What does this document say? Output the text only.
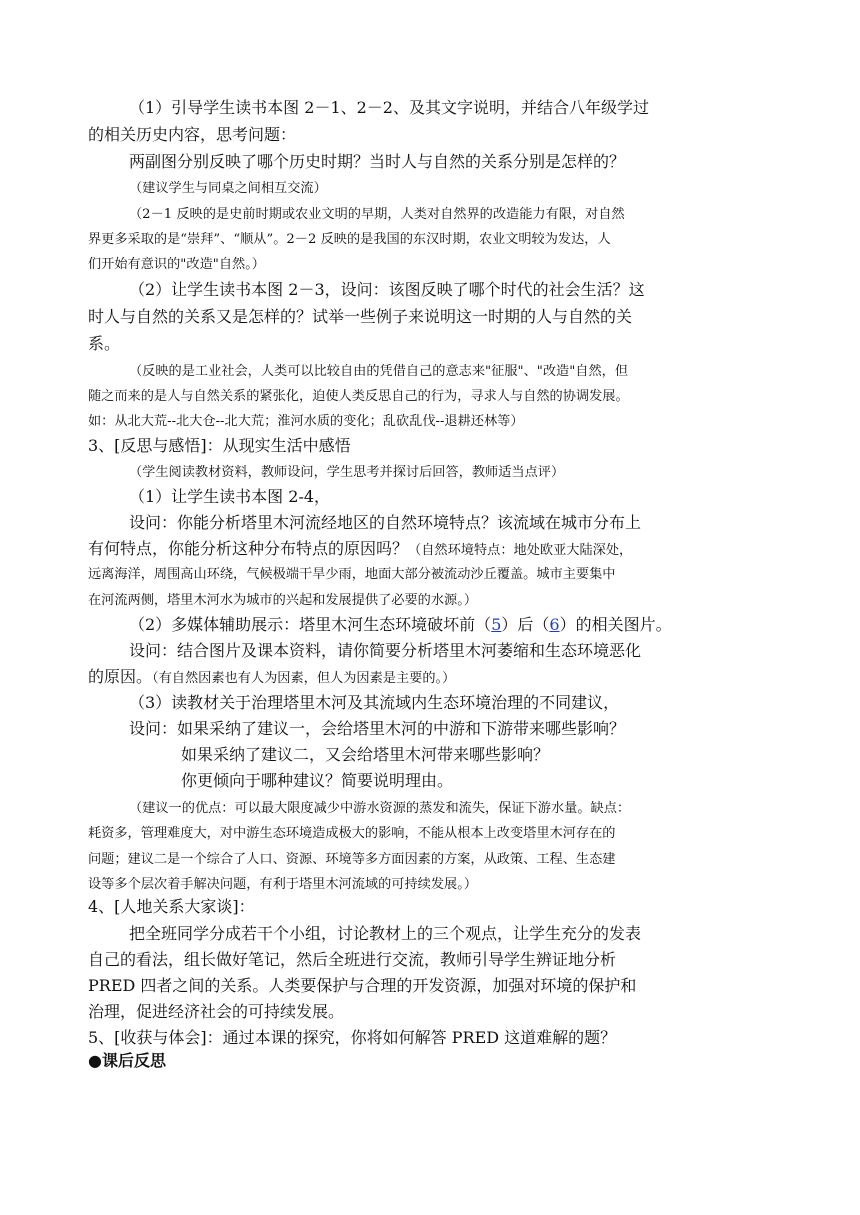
（1）引导学生读书本图 2－1、2－2、及其文字说明，并结合八年级学过

的相关历史内容，思考问题：

两副图分别反映了哪个历史时期？当时人与自然的关系分别是怎样的？

（建议学生与同桌之间相互交流）

（2－1 反映的是史前时期或农业文明的早期，人类对自然界的改造能力有限，对自然

界更多采取的是“崇拜”、“顺从”。2－2 反映的是我国的东汉时期，农业文明较为发达，人

们开始有意识的"改造"自然。）

（2）让学生读书本图 2－3，设问：该图反映了哪个时代的社会生活？这

时人与自然的关系又是怎样的？试举一些例子来说明这一时期的人与自然的关

系。

（反映的是工业社会，人类可以比较自由的凭借自己的意志来"征服"、"改造"自然，但

随之而来的是人与自然关系的紧张化，迫使人类反思自己的行为，寻求人与自然的协调发展。

如：从北大荒--北大仓--北大荒；淮河水质的变化；乱砍乱伐--退耕还林等）

3、[反思与感悟]：从现实生活中感悟

（学生阅读教材资料，教师设问，学生思考并探讨后回答，教师适当点评）

（1）让学生读书本图 2-4，

设问：你能分析塔里木河流经地区的自然环境特点？该流域在城市分布上

有何特点，你能分析这种分布特点的原因吗？（自然环境特点：地处欧亚大陆深处，

远离海洋，周围高山环绕，气候极端干旱少雨，地面大部分被流动沙丘覆盖。城市主要集中

在河流两侧，塔里木河水为城市的兴起和发展提供了必要的水源。）

（2）多媒体辅助展示：塔里木河生态环境破坏前（5）后（6）的相关图片。

设问：结合图片及课本资料，请你简要分析塔里木河萎缩和生态环境恶化

的原因。（有自然因素也有人为因素，但人为因素是主要的。）

（3）读教材关于治理塔里木河及其流域内生态环境治理的不同建议，

设问：如果采纳了建议一，会给塔里木河的中游和下游带来哪些影响？

如果采纳了建议二，又会给塔里木河带来哪些影响？

你更倾向于哪种建议？简要说明理由。

（建议一的优点：可以最大限度减少中游水资源的蒸发和流失，保证下游水量。缺点：

耗资多，管理难度大，对中游生态环境造成极大的影响，不能从根本上改变塔里木河存在的

问题；建议二是一个综合了人口、资源、环境等多方面因素的方案，从政策、工程、生态建

设等多个层次着手解决问题，有利于塔里木河流域的可持续发展。）

4、[人地关系大家谈]：

把全班同学分成若干个小组，讨论教材上的三个观点，让学生充分的发表

自己的看法，组长做好笔记，然后全班进行交流，教师引导学生辨证地分析

PRED 四者之间的关系。人类要保护与合理的开发资源，加强对环境的保护和

治理，促进经济社会的可持续发展。

5、[收获与体会]：通过本课的探究，你将如何解答 PRED 这道难解的题？

●课后反思
